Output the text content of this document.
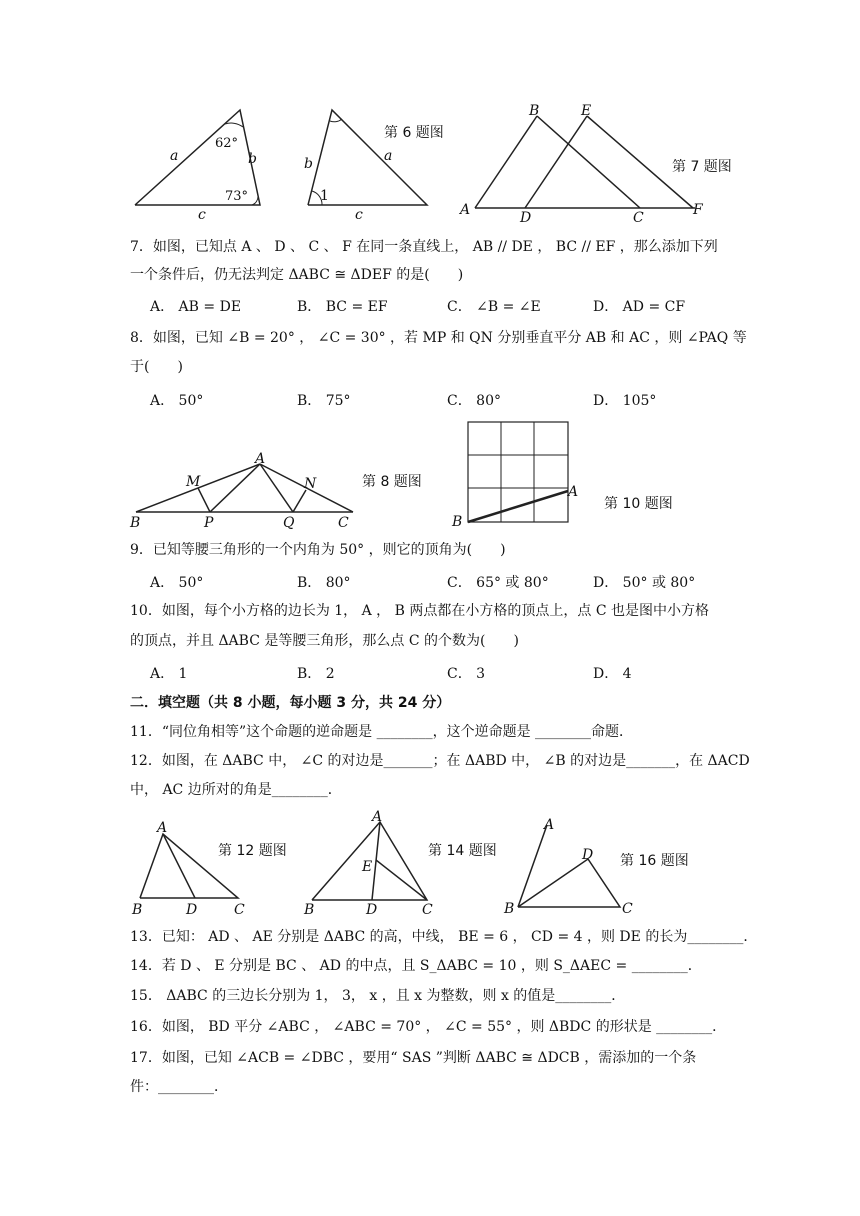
a	b
c
62°
73°
b	a
c
1
第 6 题图
B	E
A	D	C	F
第 7 题图
7．如图，已知点 A 、 D 、 C 、 F 在同一条直线上， AB // DE ， BC // EF ，那么添加下列
一个条件后，仍无法判定 ΔABC ≅ ΔDEF 的是(　　)
A． AB = DE	B． BC = EF	C． ∠B = ∠E	D． AD = CF
8．如图，已知 ∠B = 20° ， ∠C = 30° ，若 MP 和 QN 分别垂直平分 AB 和 AC ，则 ∠PAQ 等
于(　　)
A． 50°	B． 75°	C． 80°	D． 105°
A
M	N
B	P	Q	C
第 8 题图
B
A
第 10 题图
9．已知等腰三角形的一个内角为 50° ，则它的顶角为(　　)
A． 50°	B． 80°	C． 65° 或 80°	D． 50° 或 80°
10．如图，每个小方格的边长为 1， A ， B 两点都在小方格的顶点上，点 C 也是图中小方格
的顶点，并且 ΔABC 是等腰三角形，那么点 C 的个数为(　　)
A． 1	B． 2	C． 3	D． 4
二．填空题（共 8 小题，每小题 3 分，共 24 分）
11．“同位角相等”这个命题的逆命题是 ________，这个逆命题是 ________命题．
12．如图，在 ΔABC 中， ∠C 的对边是_______；在 ΔABD 中， ∠B 的对边是_______，在 ΔACD
中， AC 边所对的角是________．
A
B	D	C
第 12 题图
A
E
B	D	C
第 14 题图
A
D
B	C
第 16 题图
13．已知： AD 、 AE 分别是 ΔABC 的高，中线， BE = 6 ， CD = 4 ，则 DE 的长为________．
14．若 D 、 E 分别是 BC 、 AD 的中点，且 S_ΔABC = 10 ，则 S_ΔAEC = ________．
15． ΔABC 的三边长分别为 1， 3， x ，且 x 为整数，则 x 的值是________．
16．如图， BD 平分 ∠ABC ， ∠ABC = 70° ， ∠C = 55° ，则 ΔBDC 的形状是 ________．
17．如图，已知 ∠ACB = ∠DBC ，要用“ SAS ”判断 ΔABC ≅ ΔDCB ，需添加的一个条
件：________．
